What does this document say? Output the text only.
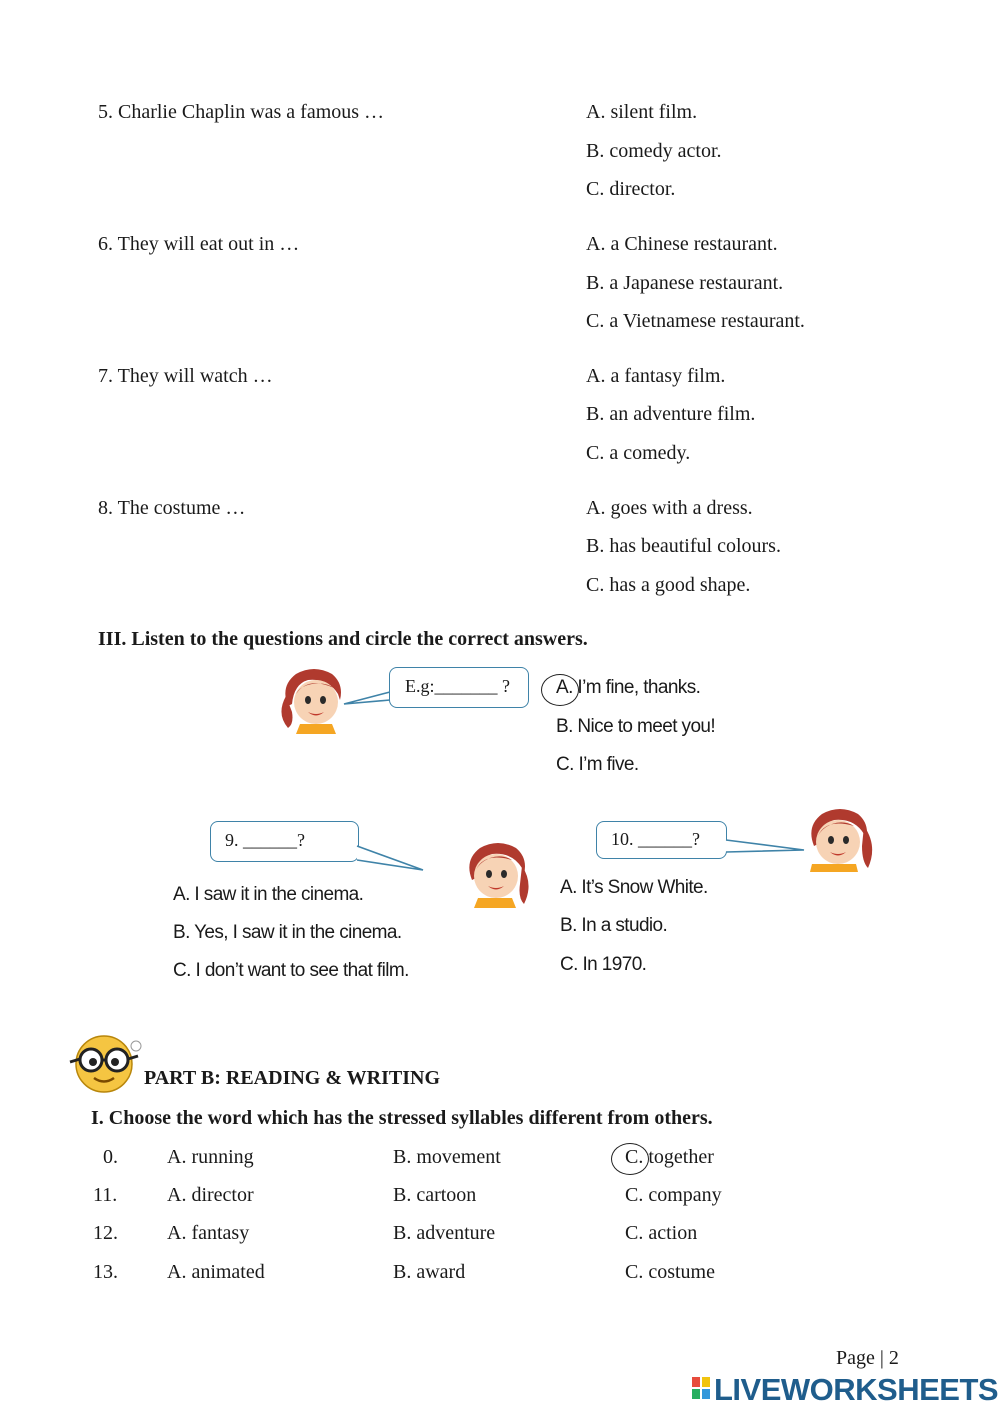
5. Charlie Chaplin was a famous …	A. silent film.
B. comedy actor.
C. director.
6. They will eat out in …	A. a Chinese restaurant.
B. a Japanese restaurant.
C. a Vietnamese restaurant.
7. They will watch …	A. a fantasy film.
B. an adventure film.
C. a comedy.
8. The costume …	A. goes with a dress.
B. has beautiful colours.
C. has a good shape.
III. Listen to the questions and circle the correct answers.
E.g:_______ ? A. I’m fine, thanks.
B. Nice to meet you!
C. I’m five.
9. ______?
A. I saw it in the cinema.
B. Yes, I saw it in the cinema.
C. I don’t want to see that film.
10. ______?
A. It’s Snow White.
B. In a studio.
C. In 1970.
PART B: READING & WRITING
I. Choose the word which has the stressed syllables different from others.
0. A. running	B. movement	C. together
11. A. director	B. cartoon	C. company
12. A. fantasy	B. adventure	C. action
13. A. animated	B. award	C. costume
Page | 2
LIVEWORKSHEETS
